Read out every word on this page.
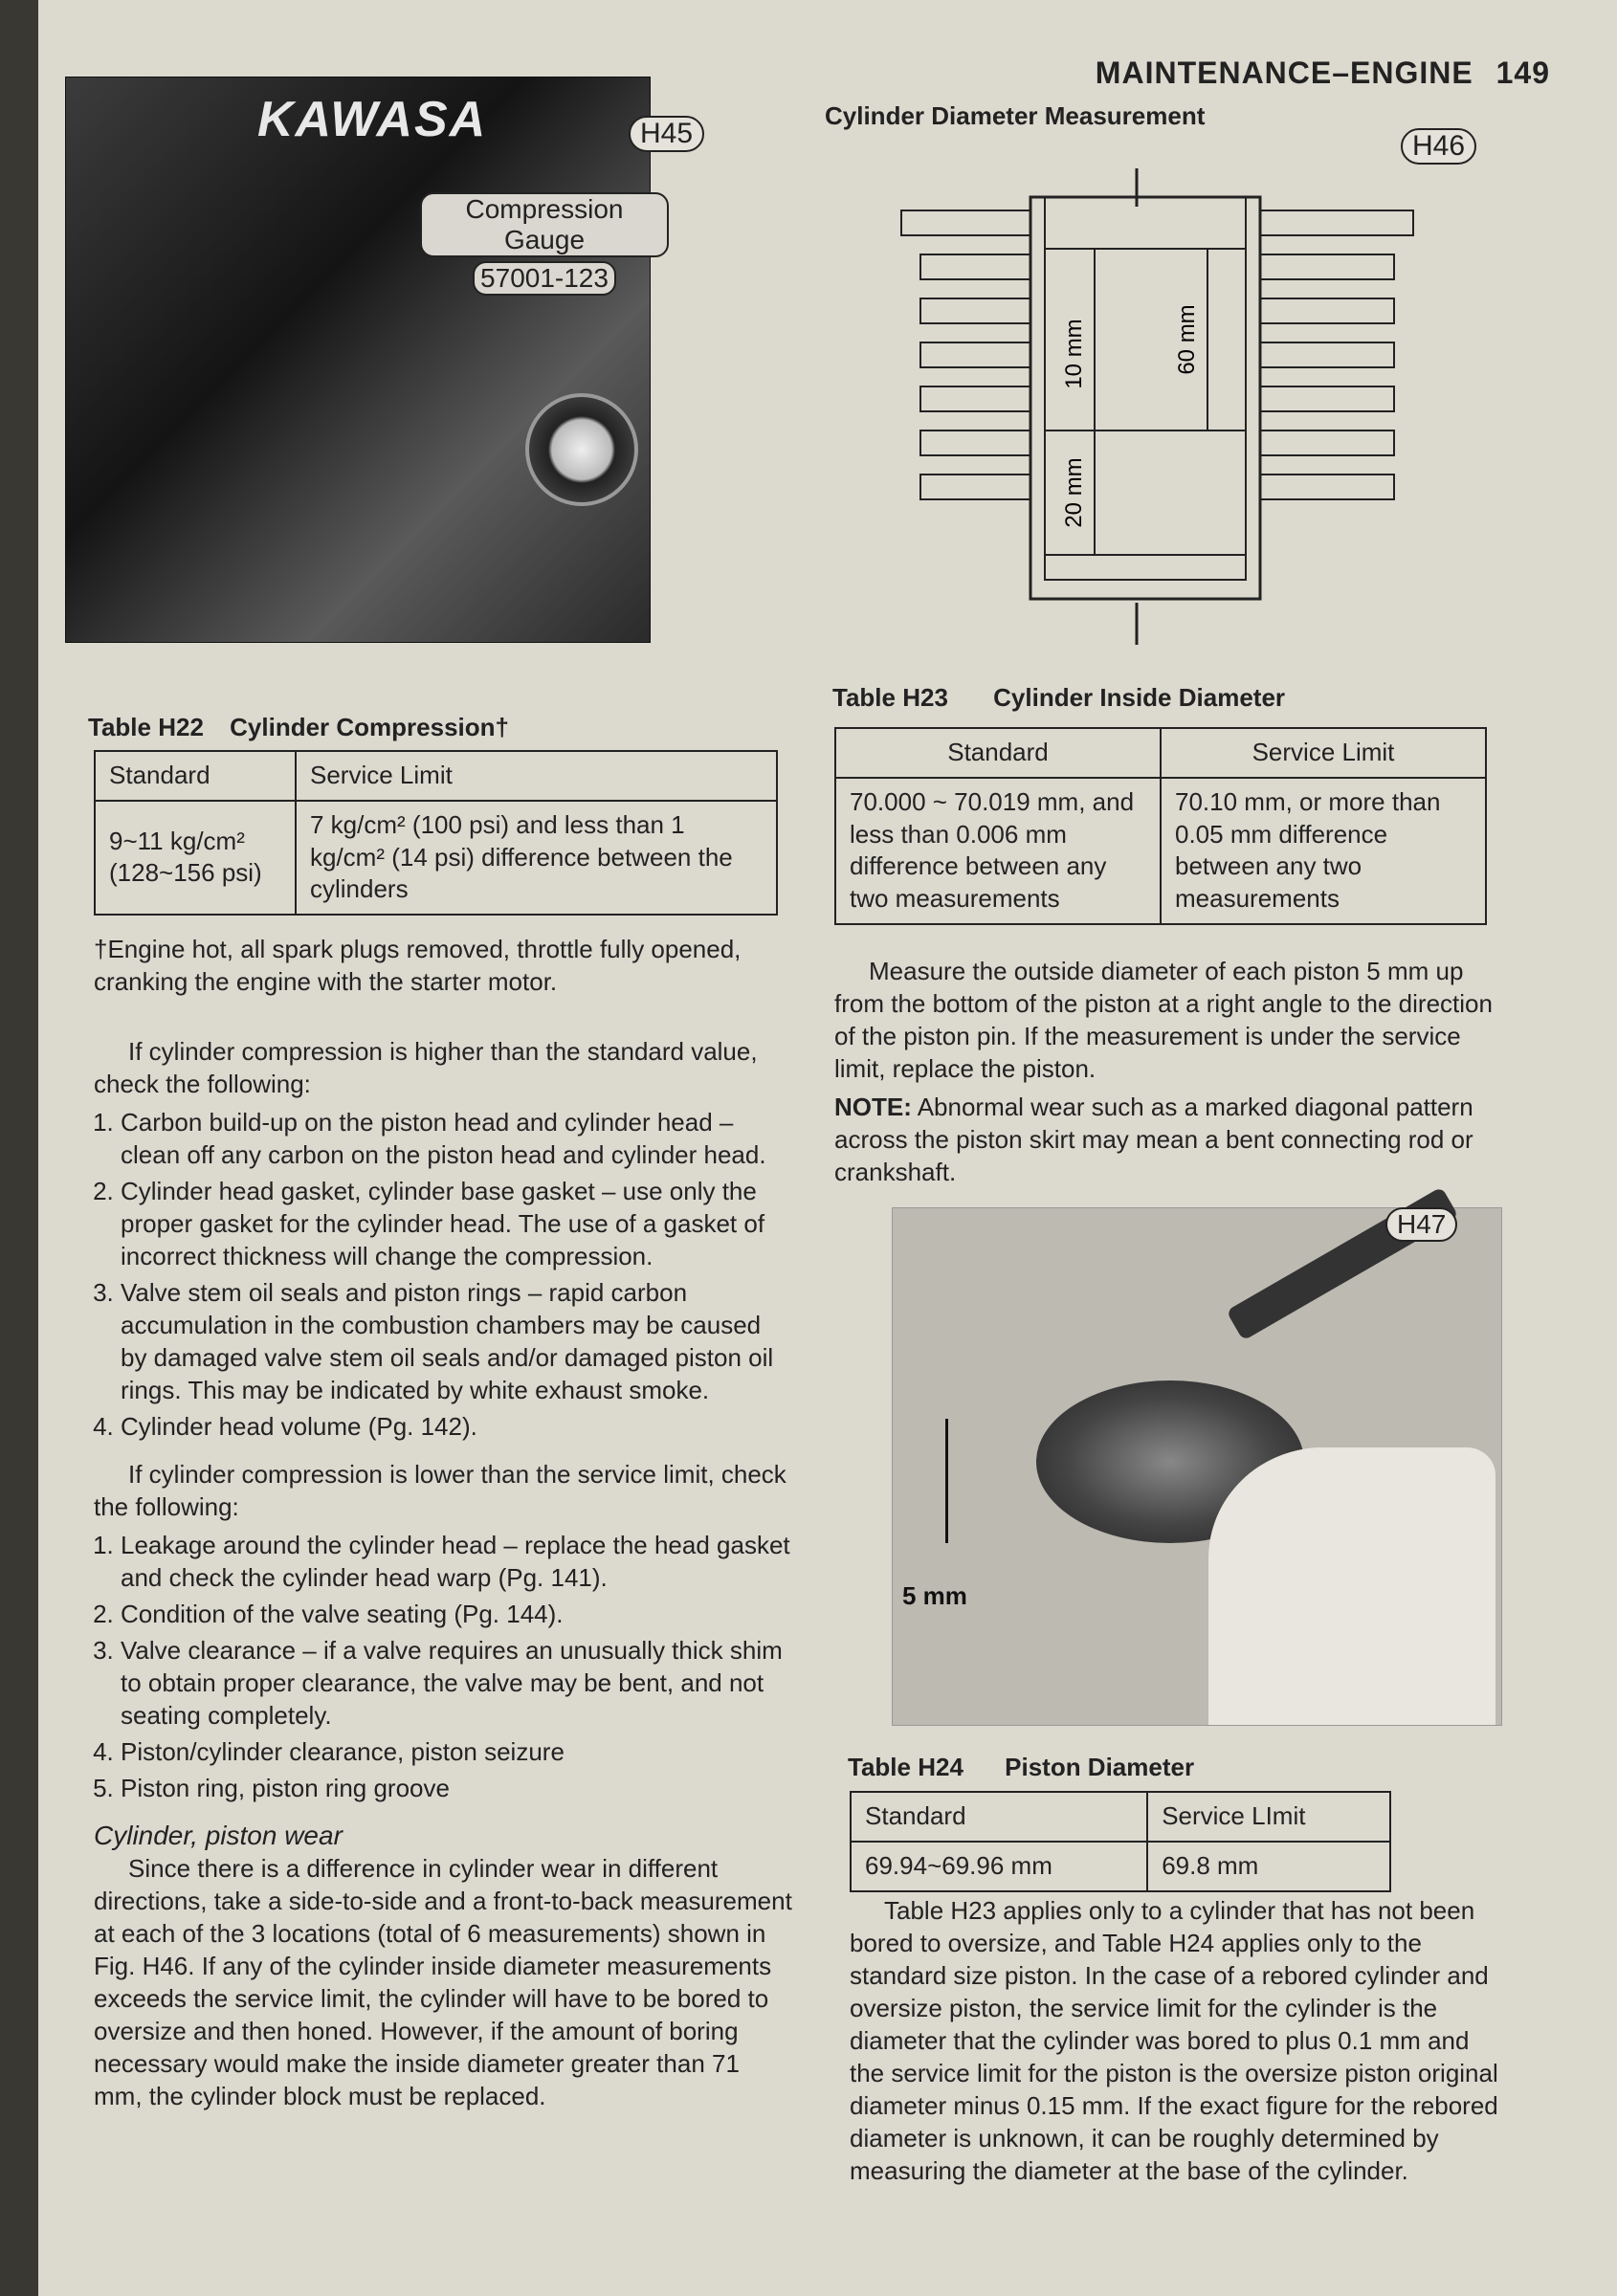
MAINTENANCE–ENGINE 149
KAWASA	H45
Compression Gauge
57001-123
Cylinder Diameter Measurement
H46
10 mm
20 mm
60 mm
Table H22 Cylinder Compression†
Standard	Service Limit
9~11 kg/cm² (128~156 psi)	7 kg/cm² (100 psi) and less than 1 kg/cm² (14 psi) difference between the cylinders
†Engine hot, all spark plugs removed, throttle fully opened, cranking the engine with the starter motor.
Table H23 Cylinder Inside Diameter
Standard	Service Limit
70.000 ~ 70.019 mm, and less than 0.006 mm difference between any two measurements	70.10 mm, or more than 0.05 mm difference between any two measurements

If cylinder compression is higher than the standard value, check the following:

1. Carbon build-up on the piston head and cylinder head – clean off any carbon on the piston head and cylinder head.
2. Cylinder head gasket, cylinder base gasket – use only the proper gasket for the cylinder head. The use of a gasket of incorrect thickness will change the compression.
3. Valve stem oil seals and piston rings – rapid carbon accumulation in the combustion chambers may be caused by damaged valve stem oil seals and/or damaged piston oil rings. This may be indicated by white exhaust smoke.
4. Cylinder head volume (Pg. 142).

If cylinder compression is lower than the service limit, check the following:

1. Leakage around the cylinder head – replace the head gasket and check the cylinder head warp (Pg. 141).
2. Condition of the valve seating (Pg. 144).
3. Valve clearance – if a valve requires an unusually thick shim to obtain proper clearance, the valve may be bent, and not seating completely.
4. Piston/cylinder clearance, piston seizure
5. Piston ring, piston ring groove
Cylinder, piston wear

Since there is a difference in cylinder wear in different directions, take a side-to-side and a front-to-back measurement at each of the 3 locations (total of 6 measurements) shown in Fig. H46. If any of the cylinder inside diameter measurements exceeds the service limit, the cylinder will have to be bored to oversize and then honed. However, if the amount of boring necessary would make the inside diameter greater than 71 mm, the cylinder block must be replaced.

Measure the outside diameter of each piston 5 mm up from the bottom of the piston at a right angle to the direction of the piston pin. If the measurement is under the service limit, replace the piston.

NOTE: Abnormal wear such as a marked diagonal pattern across the piston skirt may mean a bent connecting rod or crankshaft.

5 mm
H47
Table H24 Piston Diameter
Standard	Service LImit
69.94~69.96 mm	69.8 mm
Table H23 applies only to a cylinder that has not been bored to oversize, and Table H24 applies only to the standard size piston. In the case of a rebored cylinder and oversize piston, the service limit for the cylinder is the diameter that the cylinder was bored to plus 0.1 mm and the service limit for the piston is the oversize piston original diameter minus 0.15 mm. If the exact figure for the rebored diameter is unknown, it can be roughly determined by measuring the diameter at the base of the cylinder.
